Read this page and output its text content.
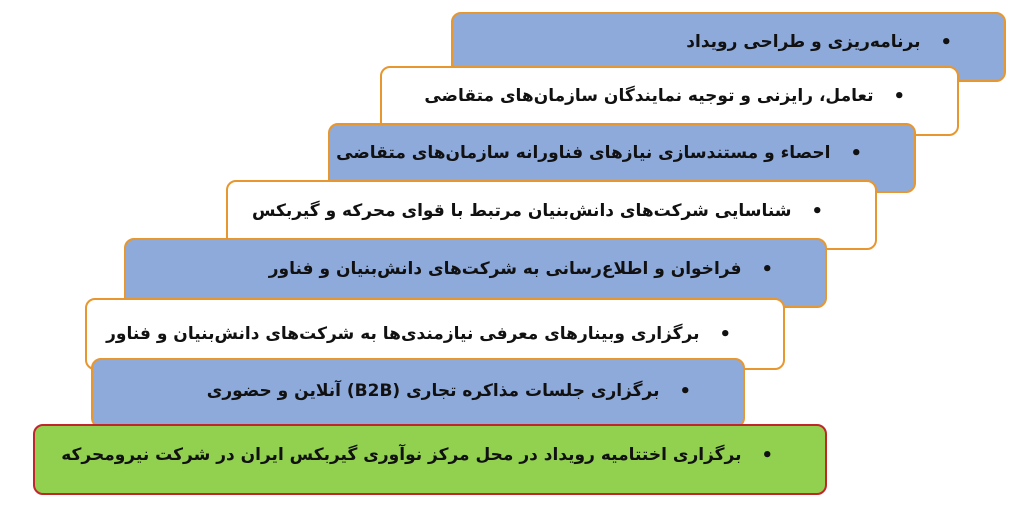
•
برنامه‌ریزی و طراحی رویداد
•
تعامل، رایزنی و توجیه نمایندگان سازمان‌های متقاضی
•
احصاء و مستندسازی نیازهای فناورانه سازمان‌های متقاضی
•
شناسایی شرکت‌های دانش‌بنیان مرتبط با قوای محرکه و گیربکس
•
فراخوان و اطلاع‌رسانی به شرکت‌های دانش‌بنیان و فناور
•
برگزاری وبینارهای معرفی نیازمندی‌ها به شرکت‌های دانش‌بنیان و فناور
•
برگزاری جلسات مذاکره تجاری (B2B) آنلاین و حضوری
•
برگزاری اختتامیه رویداد در محل مرکز نوآوری گیربکس ایران در شرکت نیرومحرکه
